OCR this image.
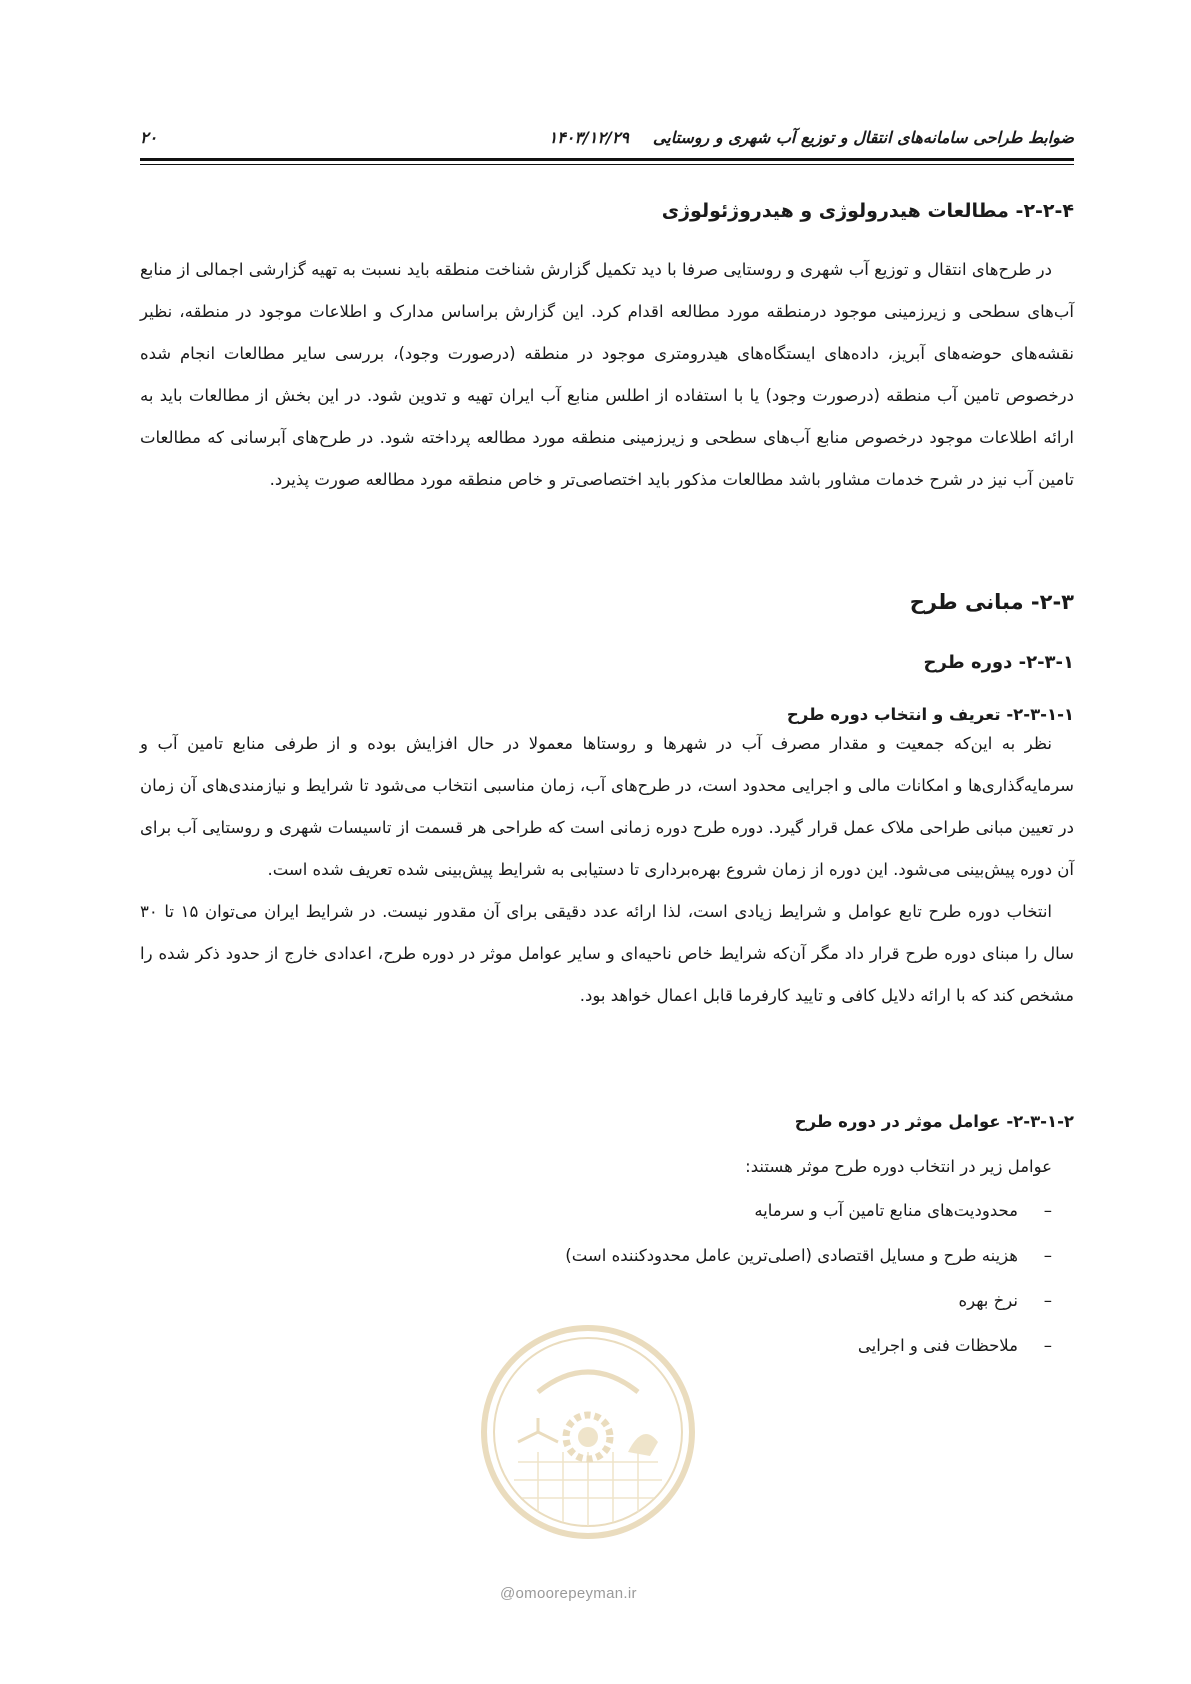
ضوابط طراحی سامانه‌های انتقال و توزیع آب شهری و روستایی
۱۴۰۳/۱۲/۲۹
۲۰
۲-۲-۴- مطالعات هیدرولوژی و هیدروژئولوژی

در طرح‌های انتقال و توزیع آب شهری و روستایی صرفا با دید تکمیل گزارش شناخت منطقه باید نسبت به تهیه گزارشی اجمالی از منابع آب‌های سطحی و زیرزمینی موجود درمنطقه مورد مطالعه اقدام کرد. این گزارش براساس مدارک و اطلاعات موجود در منطقه، نظیر نقشه‌های حوضه‌های آبریز، داده‌های ایستگاه‌های هیدرومتری موجود در منطقه (درصورت وجود)، بررسی سایر مطالعات انجام شده درخصوص تامین آب منطقه (درصورت وجود) یا با استفاده از اطلس منابع آب ایران تهیه و تدوین شود. در این بخش از مطالعات باید به ارائه اطلاعات موجود درخصوص منابع آب‌های سطحی و زیرزمینی منطقه مورد مطالعه پرداخته شود. در طرح‌های آبرسانی که مطالعات تامین آب نیز در شرح خدمات مشاور باشد مطالعات مذکور باید اختصاصی‌تر و خاص منطقه مورد مطالعه صورت پذیرد.

۲-۳- مبانی طرح
۲-۳-۱- دوره طرح
۲-۳-۱-۱- تعریف و انتخاب دوره طرح

نظر به این‌که جمعیت و مقدار مصرف آب در شهرها و روستاها معمولا در حال افزایش بوده و از طرفی منابع تامین آب و سرمایه‌گذاری‌ها و امکانات مالی و اجرایی محدود است، در طرح‌های آب، زمان مناسبی انتخاب می‌شود تا شرایط و نیازمندی‌های آن زمان در تعیین مبانی طراحی ملاک عمل قرار گیرد. دوره طرح دوره زمانی است که طراحی هر قسمت از تاسیسات شهری و روستایی آب برای آن دوره پیش‌بینی می‌شود. این دوره از زمان شروع بهره‌برداری تا دستیابی به شرایط پیش‌بینی شده تعریف شده است.

انتخاب دوره طرح تابع عوامل و شرایط زیادی است، لذا ارائه عدد دقیقی برای آن مقدور نیست. در شرایط ایران می‌توان ۱۵ تا ۳۰ سال را مبنای دوره طرح قرار داد مگر آن‌که شرایط خاص ناحیه‌ای و سایر عوامل موثر در دوره طرح، اعدادی خارج از حدود ذکر شده را مشخص کند که با ارائه دلایل کافی و تایید کارفرما قابل اعمال خواهد بود.

۲-۳-۱-۲- عوامل موثر در دوره طرح

عوامل زیر در انتخاب دوره طرح موثر هستند:

–
محدودیت‌های منابع تامین آب و سرمایه
–
هزینه طرح و مسایل اقتصادی (اصلی‌ترین عامل محدودکننده است)
–
نرخ بهره
–
ملاحظات فنی و اجرایی
@omoorepeyman.ir
